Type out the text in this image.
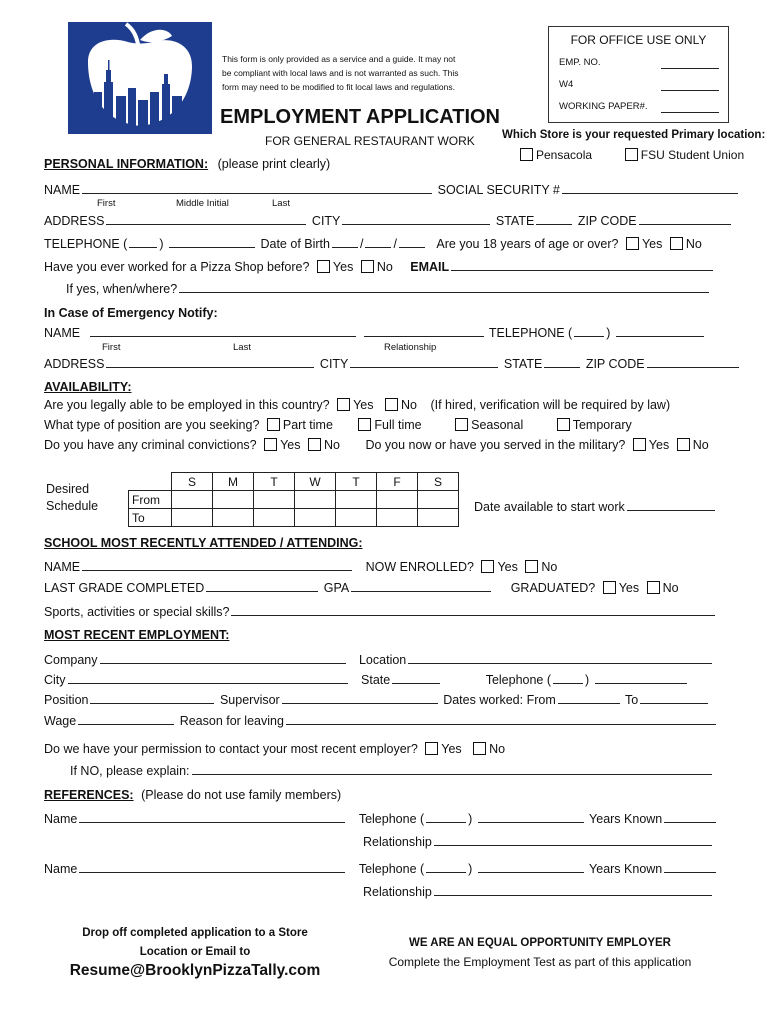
This form is only provided as a service and a guide. It may not
be compliant with local laws and is not warranted as such. This
form may need to be modified to fit local laws and regulations.
FOR OFFICE USE ONLY
EMP. NO.
W4
WORKING PAPER#.
EMPLOYMENT APPLICATION
FOR GENERAL RESTAURANT WORK Which Store is your requested Primary location:
Pensacola	FSU Student Union
PERSONAL INFORMATION: (please print clearly)
NAME	SOCIAL SECURITY #
First	Middle Initial	Last
ADDRESS	CITY	STATE	ZIP CODE
TELEPHONE (	)	Date of Birth / /	Are you 18 years of age or over? Yes No
Have you ever worked for a Pizza Shop before? Yes No EMAIL
If yes, when/where?
In Case of Emergency Notify:
NAME	TELEPHONE (	)
First	Last	Relationship
ADDRESS	CITY	STATE	ZIP CODE
AVAILABILITY:
Are you legally able to be employed in this country? Yes No (If hired, verification will be required by law)
What type of position are you seeking? Part time	Full time	Seasonal	Temporary
Do you have any criminal convictions? Yes No Do you now or have you served in the military? Yes No
Desired
Schedule
	S	M	T	W	T	F	S
From							
To							
Date available to start work
SCHOOL MOST RECENTLY ATTENDED / ATTENDING:
NAME	NOW ENROLLED? Yes No
LAST GRADE COMPLETED	GPA	GRADUATED? Yes No
Sports, activities or special skills?
MOST RECENT EMPLOYMENT:
Company	Location
City	State	Telephone (	)
Position	Supervisor	Dates worked: From	To
Wage	Reason for leaving
Do we have your permission to contact your most recent employer? Yes No
If NO, please explain:
REFERENCES: (Please do not use family members)
Name	Telephone (	)	Years Known
Relationship
Name	Telephone (	)	Years Known
Relationship
Drop off completed application to a Store
Location or Email to
Resume@BrooklynPizzaTally.com
WE ARE AN EQUAL OPPORTUNITY EMPLOYER
Complete the Employment Test as part of this application
